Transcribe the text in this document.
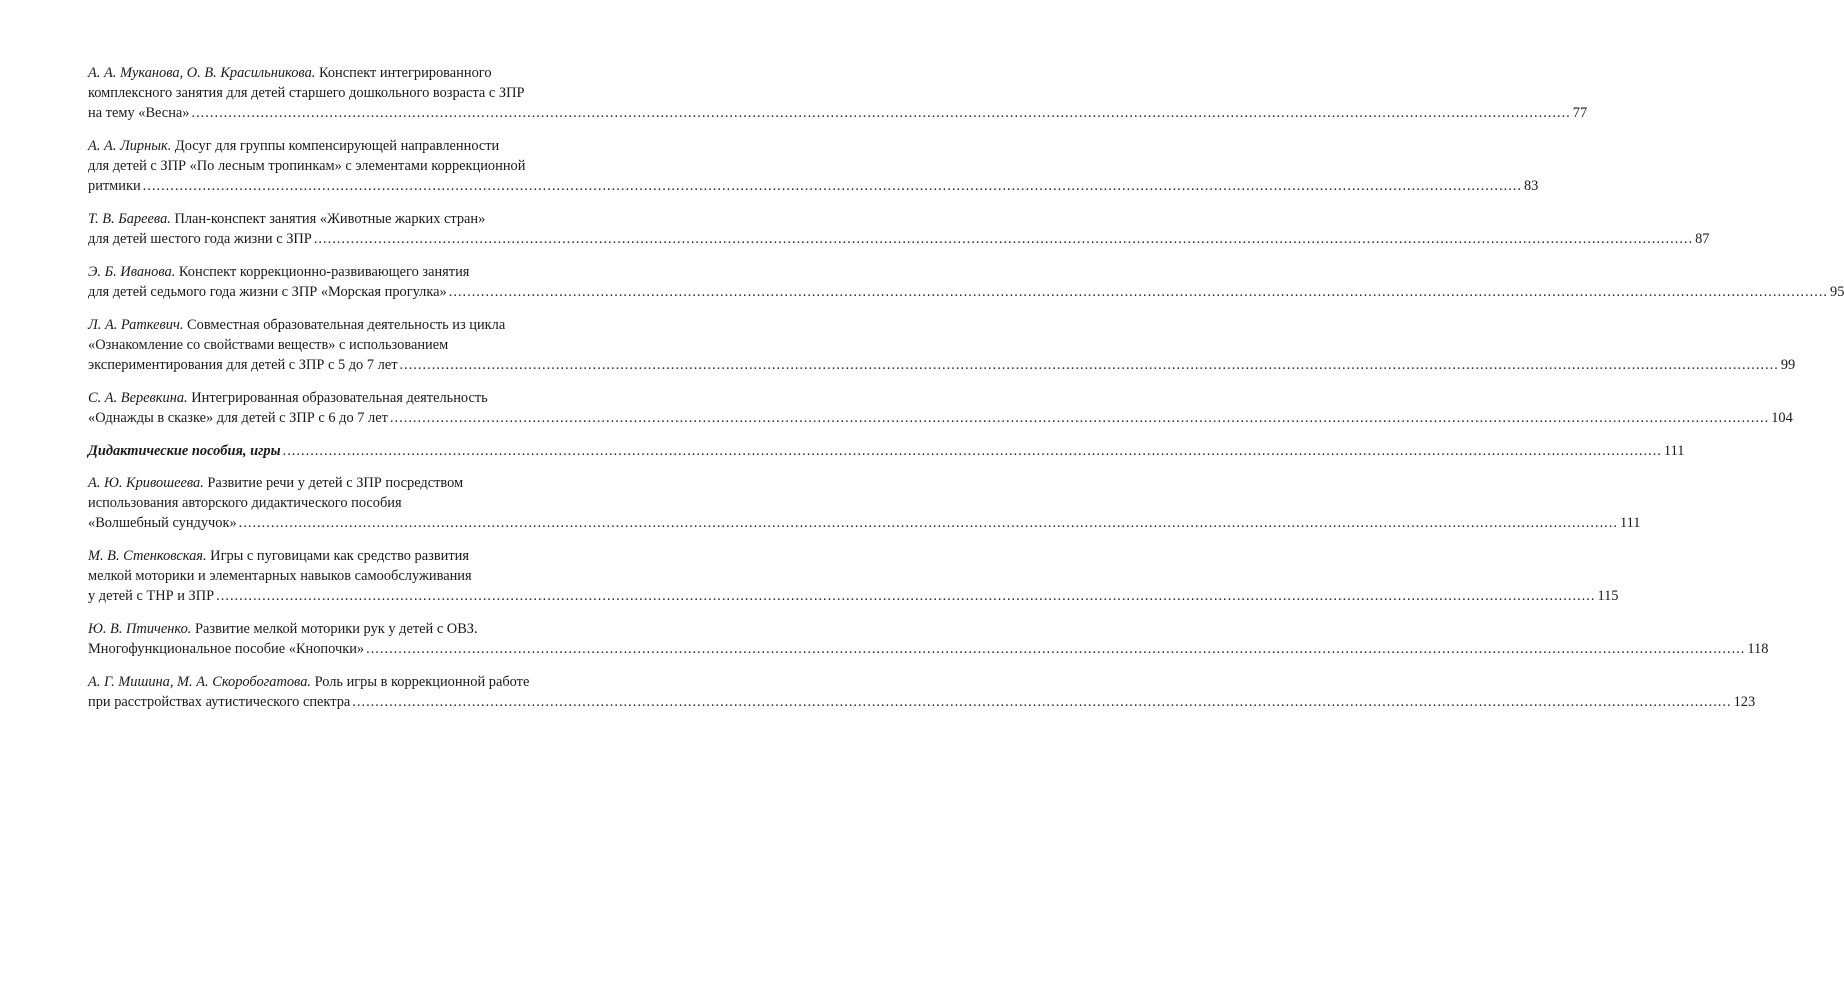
А. А. Муканова, О. В. Красильникова. Конспект интегрированного
комплексного занятия для детей старшего дошкольного возраста с ЗПР
на тему «Весна» ............................................................................................................................................................................................................................................................................................................ 77
А. А. Лирнык. Досуг для группы компенсирующей направленности
для детей с ЗПР «По лесным тропинкам» с элементами коррекционной
ритмики ............................................................................................................................................................................................................................................................................................................ 83
Т. В. Бареева. План-конспект занятия «Животные жарких стран»
для детей шестого года жизни с ЗПР ............................................................................................................................................................................................................................................................................................................ 87
Э. Б. Иванова. Конспект коррекционно-развивающего занятия
для детей седьмого года жизни с ЗПР «Морская прогулка» ............................................................................................................................................................................................................................................................................................................ 95
Л. А. Раткевич. Совместная образовательная деятельность из цикла
«Ознакомление со свойствами веществ» с использованием
экспериментирования для детей с ЗПР с 5 до 7 лет ............................................................................................................................................................................................................................................................................................................ 99
С. А. Веревкина. Интегрированная образовательная деятельность
«Однажды в сказке» для детей с ЗПР с 6 до 7 лет ............................................................................................................................................................................................................................................................................................................ 104
Дидактические пособия, игры ............................................................................................................................................................................................................................................................................................................ 111
А. Ю. Кривошеева. Развитие речи у детей с ЗПР посредством
использования авторского дидактического пособия
«Волшебный сундучок» ............................................................................................................................................................................................................................................................................................................ 111
М. В. Стенковская. Игры с пуговицами как средство развития
мелкой моторики и элементарных навыков самообслуживания
у детей с ТНР и ЗПР ............................................................................................................................................................................................................................................................................................................ 115
Ю. В. Птиченко. Развитие мелкой моторики рук у детей с ОВЗ.
Многофункциональное пособие «Кнопочки» ............................................................................................................................................................................................................................................................................................................ 118
А. Г. Мишина, М. А. Скоробогатова. Роль игры в коррекционной работе
при расстройствах аутистического спектра ............................................................................................................................................................................................................................................................................................................ 123
